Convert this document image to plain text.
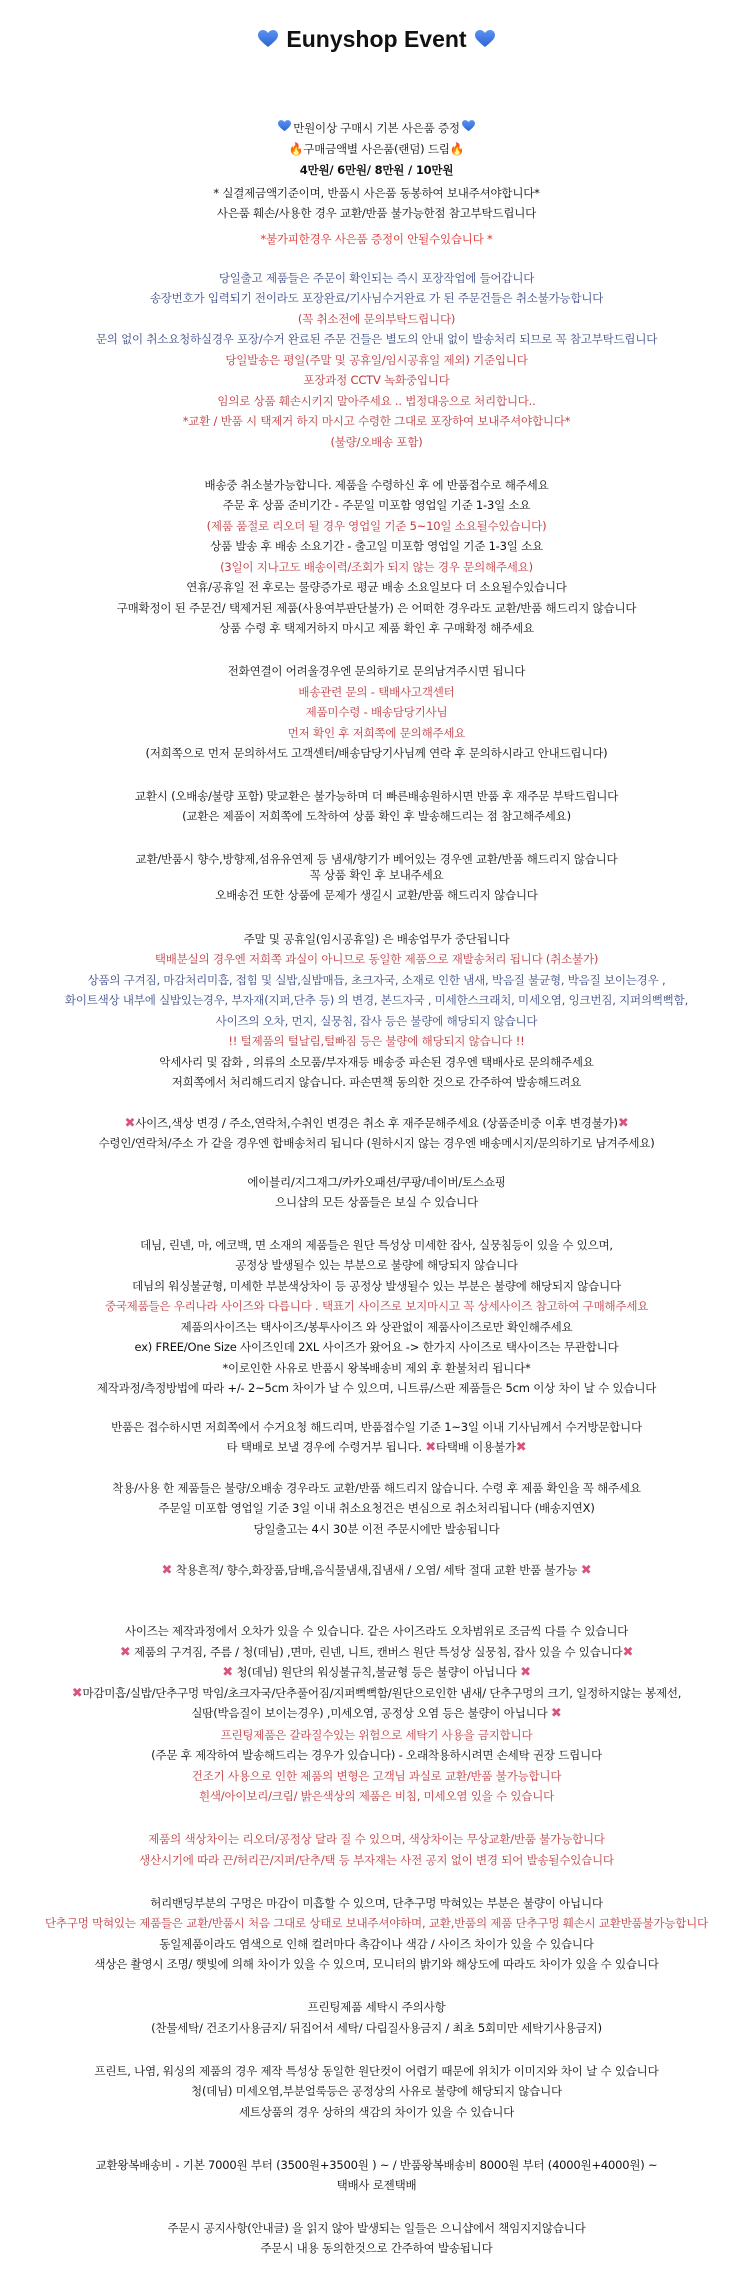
Eunyshop Event
만원이상 구매시 기본 사은품 증정
🔥구매금액별 사은품(랜덤) 드림🔥
4만원/ 6만원/ 8만원 / 10만원
* 실결제금액기준이며, 반품시 사은품 동봉하여 보내주셔야합니다*
사은품 훼손/사용한 경우 교환/반품 불가능한점 참고부탁드립니다
*불가피한경우 사은품 증정이 안될수있습니다 *
당일출고 제품들은 주문이 확인되는 즉시 포장작업에 들어갑니다
송장번호가 입력되기 전이라도 포장완료/기사님수거완료 가 된 주문건들은 취소불가능합니다
(꼭 취소전에 문의부탁드립니다)
문의 없이 취소요청하실경우 포장/수거 완료된 주문 건들은 별도의 안내 없이 발송처리 되므로 꼭 참고부탁드립니다
당일발송은 평일(주말 및 공휴일/임시공휴일 제외) 기준입니다
포장과정 CCTV 녹화중입니다
임의로 상품 훼손시키지 말아주세요 .. 법정대응으로 처리합니다..
*교환 / 반품 시 택제거 하지 마시고 수령한 그대로 포장하여 보내주셔야합니다*
(불량/오배송 포함)
배송중 취소불가능합니다. 제품을 수령하신 후 에 반품접수로 해주세요
주문 후 상품 준비기간 - 주문일 미포함 영업일 기준 1-3일 소요
(제품 품절로 리오더 될 경우 영업일 기준 5~10일 소요될수있습니다)
상품 발송 후 배송 소요기간 - 출고일 미포함 영업일 기준 1-3일 소요
(3일이 지나고도 배송이력/조회가 되지 않는 경우 문의해주세요)
연휴/공휴일 전 후로는 물량증가로 평균 배송 소요일보다 더 소요될수있습니다
구매확정이 된 주문건/ 택제거된 제품(사용여부판단불가) 은 어떠한 경우라도 교환/반품 해드리지 않습니다
상품 수령 후 택제거하지 마시고 제품 확인 후 구매확정 해주세요
전화연결이 어려울경우엔 문의하기로 문의남겨주시면 됩니다
배송관련 문의 - 택배사고객센터
제품미수령 - 배송담당기사님
먼저 확인 후 저희쪽에 문의해주세요
(저희쪽으로 먼저 문의하셔도 고객센터/배송담당기사님께 연락 후 문의하시라고 안내드립니다)
교환시 (오배송/불량 포함) 맞교환은 불가능하며 더 빠른배송원하시면 반품 후 재주문 부탁드립니다
(교환은 제품이 저희쪽에 도착하여 상품 확인 후 발송해드리는 점 참고해주세요)
교환/반품시 향수,방향제,섬유유연제 등 냄새/향기가 베어있는 경우엔 교환/반품 해드리지 않습니다
꼭 상품 확인 후 보내주세요
오배송건 또한 상품에 문제가 생길시 교환/반품 해드리지 않습니다
주말 및 공휴일(임시공휴일) 은 배송업무가 중단됩니다
택배분실의 경우엔 저희쪽 과실이 아니므로 동일한 제품으로 재발송처리 됩니다 (취소불가)
상품의 구겨짐, 마감처리미흡, 접힘 및 실밥,실밥매듭, 초크자국, 소재로 인한 냄새, 박음질 불균형, 박음질 보이는경우 ,
화이트색상 내부에 실밥있는경우, 부자재(지퍼,단추 등) 의 변경, 본드자국 , 미세한스크래치, 미세오염, 잉크번짐, 지퍼의뻑뻑함,
사이즈의 오차, 먼지, 실뭉침, 잡사 등은 불량에 해당되지 않습니다
!! 털제품의 털날림,털빠짐 등은 불량에 해당되지 않습니다 !!
악세사리 및 잡화 , 의류의 소모품/부자재등 배송중 파손된 경우엔 택배사로 문의해주세요
저희쪽에서 처리해드리지 않습니다. 파손면책 동의한 것으로 간주하여 발송해드려요
수령인/연락처/주소 가 같을 경우엔 합배송처리 됩니다 (원하시지 않는 경우엔 배송메시지/문의하기로 남겨주세요)
에이블리/지그재그/카카오패션/쿠팡/네이버/토스쇼핑
으니샵의 모든 상품들은 보실 수 있습니다
데님, 린넨, 마, 에코백, 면 소재의 제품들은 원단 특성상 미세한 잡사, 실뭉침등이 있을 수 있으며,
공정상 발생될수 있는 부분으로 불량에 해당되지 않습니다
데님의 워싱불균형, 미세한 부분색상차이 등 공정상 발생될수 있는 부분은 불량에 해당되지 않습니다
중국제품들은 우리나라 사이즈와 다릅니다 . 택표기 사이즈로 보지마시고 꼭 상세사이즈 참고하여 구매해주세요
제품의사이즈는 택사이즈/봉투사이즈 와 상관없이 제품사이즈로만 확인해주세요
ex) FREE/One Size 사이즈인데 2XL 사이즈가 왔어요 -> 한가지 사이즈로 택사이즈는 무관합니다
*이로인한 사유로 반품시 왕복배송비 제외 후 환불처리 됩니다*
제작과정/측정방법에 따라 +/- 2~5cm 차이가 날 수 있으며, 니트류/스판 제품들은 5cm 이상 차이 날 수 있습니다
반품은 접수하시면 저희쪽에서 수거요청 해드리며, 반품접수일 기준 1~3일 이내 기사님께서 수거방문합니다
착용/사용 한 제품들은 불량/오배송 경우라도 교환/반품 해드리지 않습니다. 수령 후 제품 확인을 꼭 해주세요
주문일 미포함 영업일 기준 3일 이내 취소요청건은 변심으로 취소처리됩니다 (배송지연X)
당일출고는 4시 30분 이전 주문시에만 발송됩니다
사이즈는 제작과정에서 오차가 있을 수 있습니다. 같은 사이즈라도 오차범위로 조금씩 다를 수 있습니다
프린팅제품은 갈라질수있는 위험으로 세탁기 사용을 금지합니다
(주문 후 제작하여 발송해드리는 경우가 있습니다) - 오래착용하시려면 손세탁 권장 드립니다
건조기 사용으로 인한 제품의 변형은 고객님 과실로 교환/반품 불가능합니다
흰색/아이보리/크림/ 밝은색상의 제품은 비침, 미세오염 있을 수 있습니다
제품의 색상차이는 리오더/공정상 달라 질 수 있으며, 색상차이는 무상교환/반품 불가능합니다
생산시기에 따라 끈/허리끈/지퍼/단추/택 등 부자재는 사전 공지 없이 변경 되어 발송될수있습니다
허리밴딩부분의 구멍은 마감이 미흡할 수 있으며, 단추구멍 막혀있는 부분은 불량이 아닙니다
단추구멍 막혀있는 제품들은 교환/반품시 처음 그대로 상태로 보내주셔야하며, 교환,반품의 제품 단추구멍 훼손시 교환반품불가능합니다
동일제품이라도 염색으로 인해 컬러마다 촉감이나 색감 / 사이즈 차이가 있을 수 있습니다
색상은 촬영시 조명/ 햇빛에 의해 차이가 있을 수 있으며, 모니터의 밝기와 해상도에 따라도 차이가 있을 수 있습니다
프린팅제품 세탁시 주의사항
(찬물세탁/ 건조기사용금지/ 뒤집어서 세탁/ 다림질사용금지 / 최초 5회미만 세탁기사용금지)
프린트, 나염, 워싱의 제품의 경우 제작 특성상 동일한 원단컷이 어렵기 때문에 위치가 이미지와 차이 날 수 있습니다
청(데님) 미세오염,부분얼룩등은 공정상의 사유로 불량에 해당되지 않습니다
세트상품의 경우 상하의 색감의 차이가 있을 수 있습니다
교환왕복배송비 - 기본 7000원 부터 (3500원+3500원 ) ~ / 반품왕복배송비 8000원 부터 (4000원+4000원) ~
택배사 로젠택배
주문시 공지사항(안내글) 을 읽지 않아 발생되는 일들은 으니샵에서 책임지지않습니다
주문시 내용 동의한것으로 간주하여 발송됩니다
✖사이즈,색상 변경 / 주소,연락처,수취인 변경은 취소 후 재주문해주세요 (상품준비중 이후 변경불가)✖
타 택배로 보낼 경우에 수령거부 됩니다. ✖타택배 이용불가✖
✖ 착용흔적/ 향수,화장품,담배,음식물냄새,집냄새 / 오염/ 세탁 절대 교환 반품 불가능 ✖
✖ 제품의 구겨짐, 주름 / 청(데님) ,면마, 린넨, 니트, 캔버스 원단 특성상 실뭉침, 잡사 있을 수 있습니다✖
✖ 청(데님) 원단의 워싱불규칙,불균형 등은 불량이 아닙니다 ✖
✖마감미흡/실밥/단추구멍 막임/초크자국/단추풀어짐/지퍼뻑뻑함/원단으로인한 냄새/ 단추구멍의 크기, 일정하지않는 봉제선,
실땀(박음질이 보이는경우) ,미세오염, 공정상 오염 등은 불량이 아닙니다 ✖
